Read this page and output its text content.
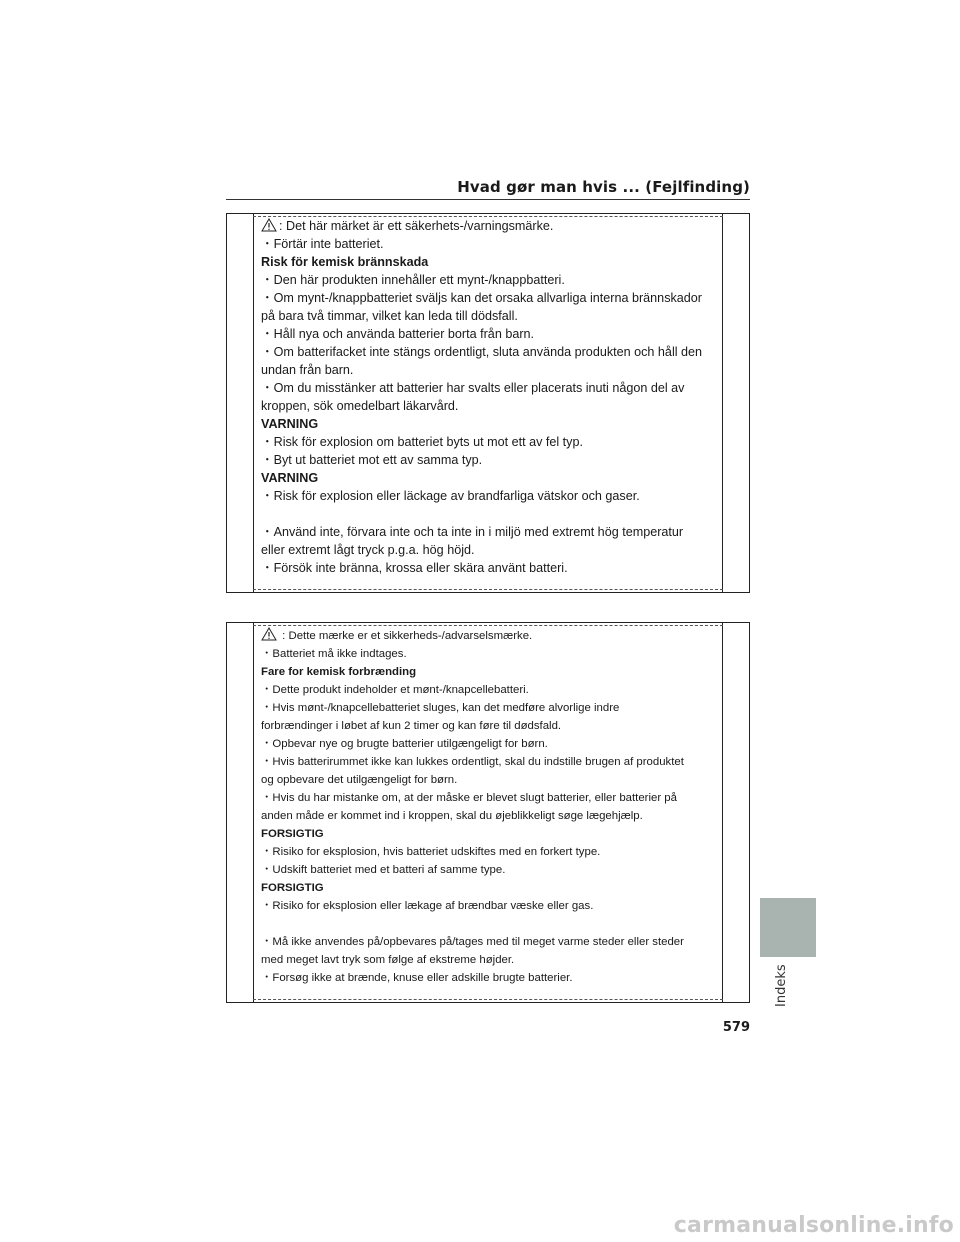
Hvad gør man hvis ... (Fejlfinding)
: Det här märket är ett säkerhets-/varningsmärke.
・Förtär inte batteriet.
Risk för kemisk brännskada
・Den här produkten innehåller ett mynt-/knappbatteri.
・Om mynt-/knappbatteriet sväljs kan det orsaka allvarliga interna brännskador
på bara två timmar, vilket kan leda till dödsfall.
・Håll nya och använda batterier borta från barn.
・Om batterifacket inte stängs ordentligt, sluta använda produkten och håll den
undan från barn.
・Om du misstänker att batterier har svalts eller placerats inuti någon del av
kroppen, sök omedelbart läkarvård.
VARNING
・Risk för explosion om batteriet byts ut mot ett av fel typ.
・Byt ut batteriet mot ett av samma typ.
VARNING
・Risk för explosion eller läckage av brandfarliga vätskor och gaser.
・Använd inte, förvara inte och ta inte in i miljö med extremt hög temperatur
eller extremt lågt tryck p.g.a. hög höjd.
・Försök inte bränna, krossa eller skära använt batteri.
: Dette mærke er et sikkerheds-/advarselsmærke.
・Batteriet må ikke indtages.
Fare for kemisk forbrænding
・Dette produkt indeholder et mønt-/knapcellebatteri.
・Hvis mønt-/knapcellebatteriet sluges, kan det medføre alvorlige indre
forbrændinger i løbet af kun 2 timer og kan føre til dødsfald.
・Opbevar nye og brugte batterier utilgængeligt for børn.
・Hvis batterirummet ikke kan lukkes ordentligt, skal du indstille brugen af produktet
og opbevare det utilgængeligt for børn.
・Hvis du har mistanke om, at der måske er blevet slugt batterier, eller batterier på
anden måde er kommet ind i kroppen, skal du øjeblikkeligt søge lægehjælp.
FORSIGTIG
・Risiko for eksplosion, hvis batteriet udskiftes med en forkert type.
・Udskift batteriet med et batteri af samme type.
FORSIGTIG
・Risiko for eksplosion eller lækage af brændbar væske eller gas.
・Må ikke anvendes på/opbevares på/tages med til meget varme steder eller steder
med meget lavt tryk som følge af ekstreme højder.
・Forsøg ikke at brænde, knuse eller adskille brugte batterier.	Indeks
579
carmanualsonline.info
